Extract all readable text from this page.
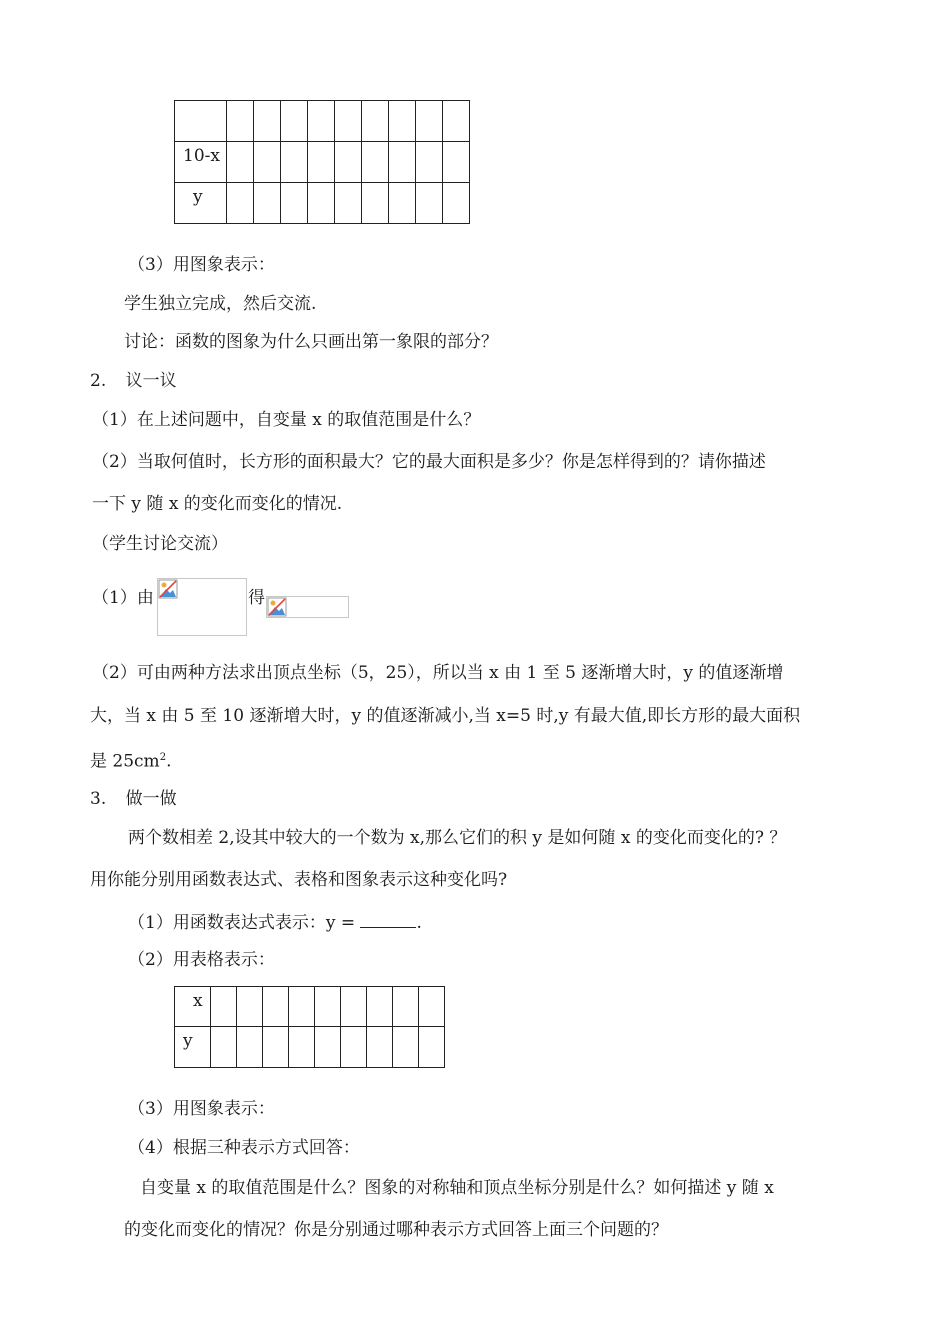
10-x									
y									
（3）用图象表示：
学生独立完成，然后交流.
讨论：函数的图象为什么只画出第一象限的部分？
2. 议一议
（1）在上述问题中，自变量 x 的取值范围是什么？
（2）当取何值时，长方形的面积最大？它的最大面积是多少？你是怎样得到的？请你描述
一下 y 随 x 的变化而变化的情况.
（学生讨论交流）
（1）由	得
（2）可由两种方法求出顶点坐标（5，25），所以当 x 由 1 至 5 逐渐增大时，y 的值逐渐增
大，当 x 由 5 至 10 逐渐增大时，y 的值逐渐减小,当 x=5 时,y 有最大值,即长方形的最大面积
是 $25cm^2$.
3. 做一做
两个数相差 2,设其中较大的一个数为 x,那么它们的积 y 是如何随 x 的变化而变化的? ？
用你能分别用函数表达式、表格和图象表示这种变化吗?
（1）用函数表达式表示：y =	.
（2）用表格表示：
x									
y									
（3）用图象表示：
（4）根据三种表示方式回答：
自变量 x 的取值范围是什么？图象的对称轴和顶点坐标分别是什么？如何描述 y 随 x
的变化而变化的情况？你是分别通过哪种表示方式回答上面三个问题的？
